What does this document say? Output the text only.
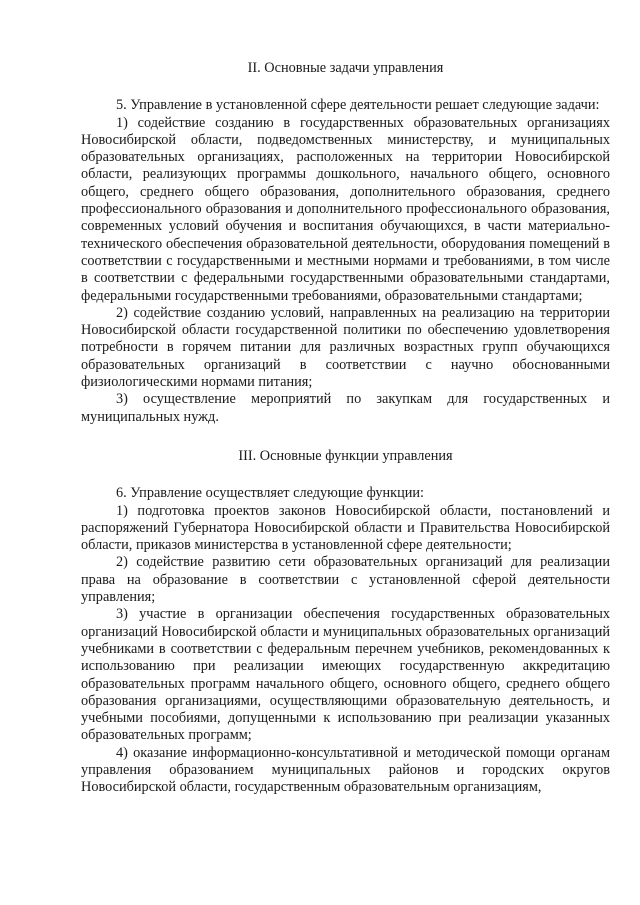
II. Основные задачи управления

5. Управление в установленной сфере деятельности решает следующие задачи:

1) содействие созданию в государственных образовательных организациях Новосибирской области, подведомственных министерству, и муниципальных образовательных организациях, расположенных на территории Новосибирской области, реализующих программы дошкольного, начального общего, основного общего, среднего общего образования, дополнительного образования, среднего профессионального образования и дополнительного профессионального образования, современных условий обучения и воспитания обучающихся, в части материально-технического обеспечения образовательной деятельности, оборудования помещений в соответствии с государственными и местными нормами и требованиями, в том числе в соответствии с федеральными государственными образовательными стандартами, федеральными государственными требованиями, образовательными стандартами;

2) содействие созданию условий, направленных на реализацию на территории Новосибирской области государственной политики по обеспечению удовлетворения потребности в горячем питании для различных возрастных групп обучающихся образовательных организаций в соответствии с научно обоснованными физиологическими нормами питания;

3) осуществление мероприятий по закупкам для государственных и муниципальных нужд.

III. Основные функции управления

6. Управление осуществляет следующие функции:

1) подготовка проектов законов Новосибирской области, постановлений и распоряжений Губернатора Новосибирской области и Правительства Новосибирской области, приказов министерства в установленной сфере деятельности;

2) содействие развитию сети образовательных организаций для реализации права на образование в соответствии с установленной сферой деятельности управления;

3) участие в организации обеспечения государственных образовательных организаций Новосибирской области и муниципальных образовательных организаций учебниками в соответствии с федеральным перечнем учебников, рекомендованных к использованию при реализации имеющих государственную аккредитацию образовательных программ начального общего, основного общего, среднего общего образования организациями, осуществляющими образовательную деятельность, и учебными пособиями, допущенными к использованию при реализации указанных образовательных программ;

4) оказание информационно-консультативной и методической помощи органам управления образованием муниципальных районов и городских округов Новосибирской области, государственным образовательным организациям,
